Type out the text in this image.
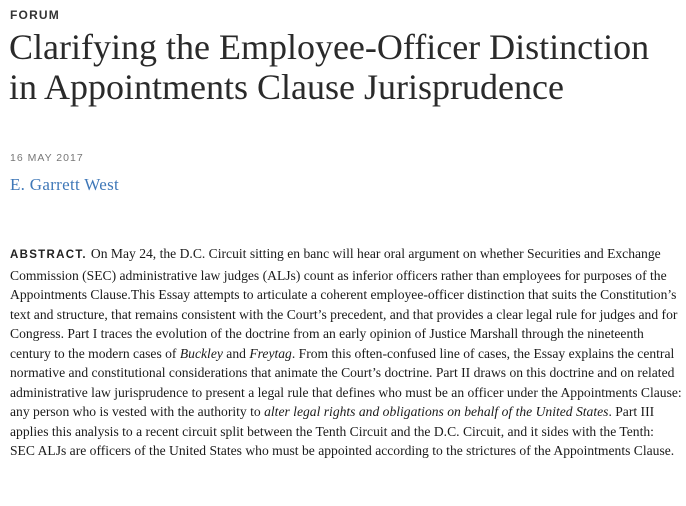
FORUM
Clarifying the Employee-Officer Distinction in Appointments Clause Jurisprudence
16 MAY 2017
E. Garrett West

ABSTRACT. On May 24, the D.C. Circuit sitting en banc will hear oral argument on whether Securities and Exchange Commission (SEC) administrative law judges (ALJs) count as inferior officers rather than employees for purposes of the Appointments Clause.This Essay attempts to articulate a coherent employee-officer distinction that suits the Constitution’s text and structure, that remains consistent with the Court’s precedent, and that provides a clear legal rule for judges and for Congress. Part I traces the evolution of the doctrine from an early opinion of Justice Marshall through the nineteenth century to the modern cases of Buckley and Freytag. From this often-confused line of cases, the Essay explains the central normative and constitutional considerations that animate the Court’s doctrine. Part II draws on this doctrine and on related administrative law jurisprudence to present a legal rule that defines who must be an officer under the Appointments Clause: any person who is vested with the authority to alter legal rights and obligations on behalf of the United States. Part III applies this analysis to a recent circuit split between the Tenth Circuit and the D.C. Circuit, and it sides with the Tenth: SEC ALJs are officers of the United States who must be appointed according to the strictures of the Appointments Clause.
